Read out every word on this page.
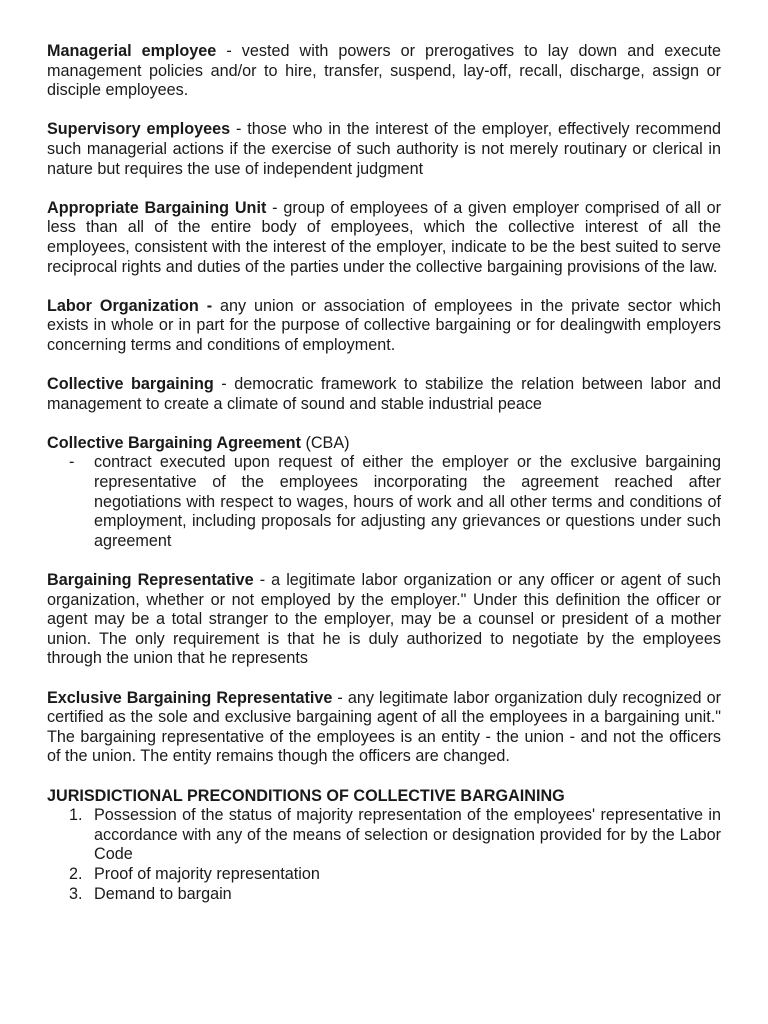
Managerial employee - vested with powers or prerogatives to lay down and execute management policies and/or to hire, transfer, suspend, lay-off, recall, discharge, assign or disciple employees.

Supervisory employees - those who in the interest of the employer, effectively recommend such managerial actions if the exercise of such authority is not merely routinary or clerical in nature but requires the use of independent judgment

Appropriate Bargaining Unit - group of employees of a given employer comprised of all or less than all of the entire body of employees, which the collective interest of all the employees, consistent with the interest of the employer, indicate to be the best suited to serve reciprocal rights and duties of the parties under the collective bargaining provisions of the law.

Labor Organization - any union or association of employees in the private sector which exists in whole or in part for the purpose of collective bargaining or for dealingwith employers concerning terms and conditions of employment.

Collective bargaining - democratic framework to stabilize the relation between labor and management to create a climate of sound and stable industrial peace

Collective Bargaining Agreement (CBA)

- contract executed upon request of either the employer or the exclusive bargaining representative of the employees incorporating the agreement reached after negotiations with respect to wages, hours of work and all other terms and conditions of employment, including proposals for adjusting any grievances or questions under such agreement

Bargaining Representative - a legitimate labor organization or any officer or agent of such organization, whether or not employed by the employer." Under this definition the officer or agent may be a total stranger to the employer, may be a counsel or president of a mother union. The only requirement is that he is duly authorized to negotiate by the employees through the union that he represents

Exclusive Bargaining Representative - any legitimate labor organization duly recognized or certified as the sole and exclusive bargaining agent of all the employees in a bargaining unit." The bargaining representative of the employees is an entity - the union - and not the officers of the union. The entity remains though the officers are changed.

JURISDICTIONAL PRECONDITIONS OF COLLECTIVE BARGAINING

1. Possession of the status of majority representation of the employees' representative in accordance with any of the means of selection or designation provided for by the Labor Code
2. Proof of majority representation
3. Demand to bargain
